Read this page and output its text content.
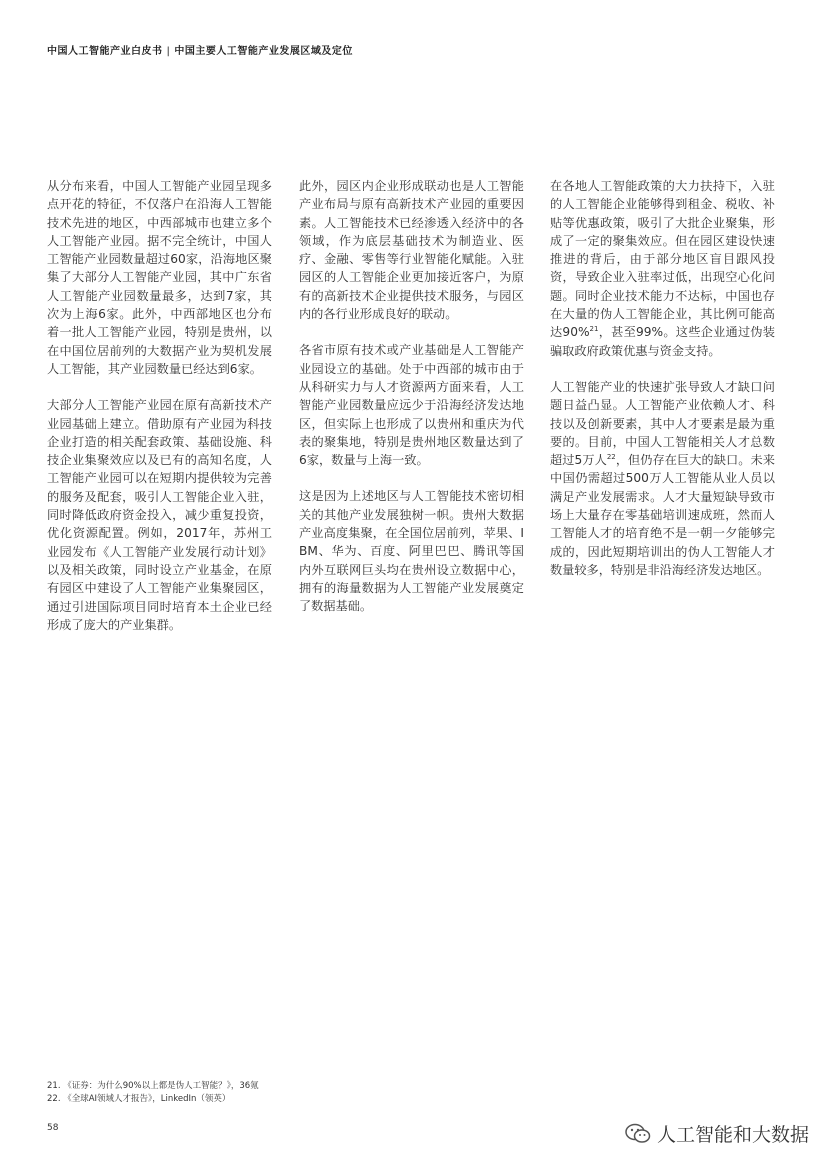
中国人工智能产业白皮书 | 中国主要人工智能产业发展区域及定位

从分布来看，中国人工智能产业园呈现多点开花的特征，不仅落户在沿海人工智能技术先进的地区，中西部城市也建立多个人工智能产业园。据不完全统计，中国人工智能产业园数量超过60家，沿海地区聚集了大部分人工智能产业园，其中广东省人工智能产业园数量最多，达到7家，其次为上海6家。此外，中西部地区也分布着一批人工智能产业园，特别是贵州，以在中国位居前列的大数据产业为契机发展人工智能，其产业园数量已经达到6家。

大部分人工智能产业园在原有高新技术产业园基础上建立。借助原有产业园为科技企业打造的相关配套政策、基础设施、科技企业集聚效应以及已有的高知名度，人工智能产业园可以在短期内提供较为完善的服务及配套，吸引人工智能企业入驻，同时降低政府资金投入，减少重复投资，优化资源配置。例如，2017年，苏州工业园发布《人工智能产业发展行动计划》以及相关政策，同时设立产业基金，在原有园区中建设了人工智能产业集聚园区，通过引进国际项目同时培育本土企业已经形成了庞大的产业集群。

此外，园区内企业形成联动也是人工智能产业布局与原有高新技术产业园的重要因素。人工智能技术已经渗透入经济中的各领域，作为底层基础技术为制造业、医疗、金融、零售等行业智能化赋能。入驻园区的人工智能企业更加接近客户，为原有的高新技术企业提供技术服务，与园区内的各行业形成良好的联动。

各省市原有技术或产业基础是人工智能产业园设立的基础。处于中西部的城市由于从科研实力与人才资源两方面来看，人工智能产业园数量应远少于沿海经济发达地区，但实际上也形成了以贵州和重庆为代表的聚集地，特别是贵州地区数量达到了6家，数量与上海一致。

这是因为上述地区与人工智能技术密切相关的其他产业发展独树一帜。贵州大数据产业高度集聚，在全国位居前列，苹果、IBM、华为、百度、阿里巴巴、腾讯等国内外互联网巨头均在贵州设立数据中心，拥有的海量数据为人工智能产业发展奠定了数据基础。

在各地人工智能政策的大力扶持下，入驻的人工智能企业能够得到租金、税收、补贴等优惠政策，吸引了大批企业聚集，形成了一定的聚集效应。但在园区建设快速推进的背后，由于部分地区盲目跟风投资，导致企业入驻率过低，出现空心化问题。同时企业技术能力不达标，中国也存在大量的伪人工智能企业，其比例可能高达90%$^{21}$，甚至99%。这些企业通过伪装骗取政府政策优惠与资金支持。

人工智能产业的快速扩张导致人才缺口问题日益凸显。人工智能产业依赖人才、科技以及创新要素，其中人才要素是最为重要的。目前，中国人工智能相关人才总数超过5万人$^{22}$，但仍存在巨大的缺口。未来中国仍需超过500万人工智能从业人员以满足产业发展需求。人才大量短缺导致市场上大量存在零基础培训速成班，然而人工智能人才的培育绝不是一朝一夕能够完成的，因此短期培训出的伪人工智能人才数量较多，特别是非沿海经济发达地区。

21. 《证券：为什么90%以上都是伪人工智能？》，36氪
22. 《全球AI领域人才报告》，LinkedIn（领英）
58	人工智能和大数据
